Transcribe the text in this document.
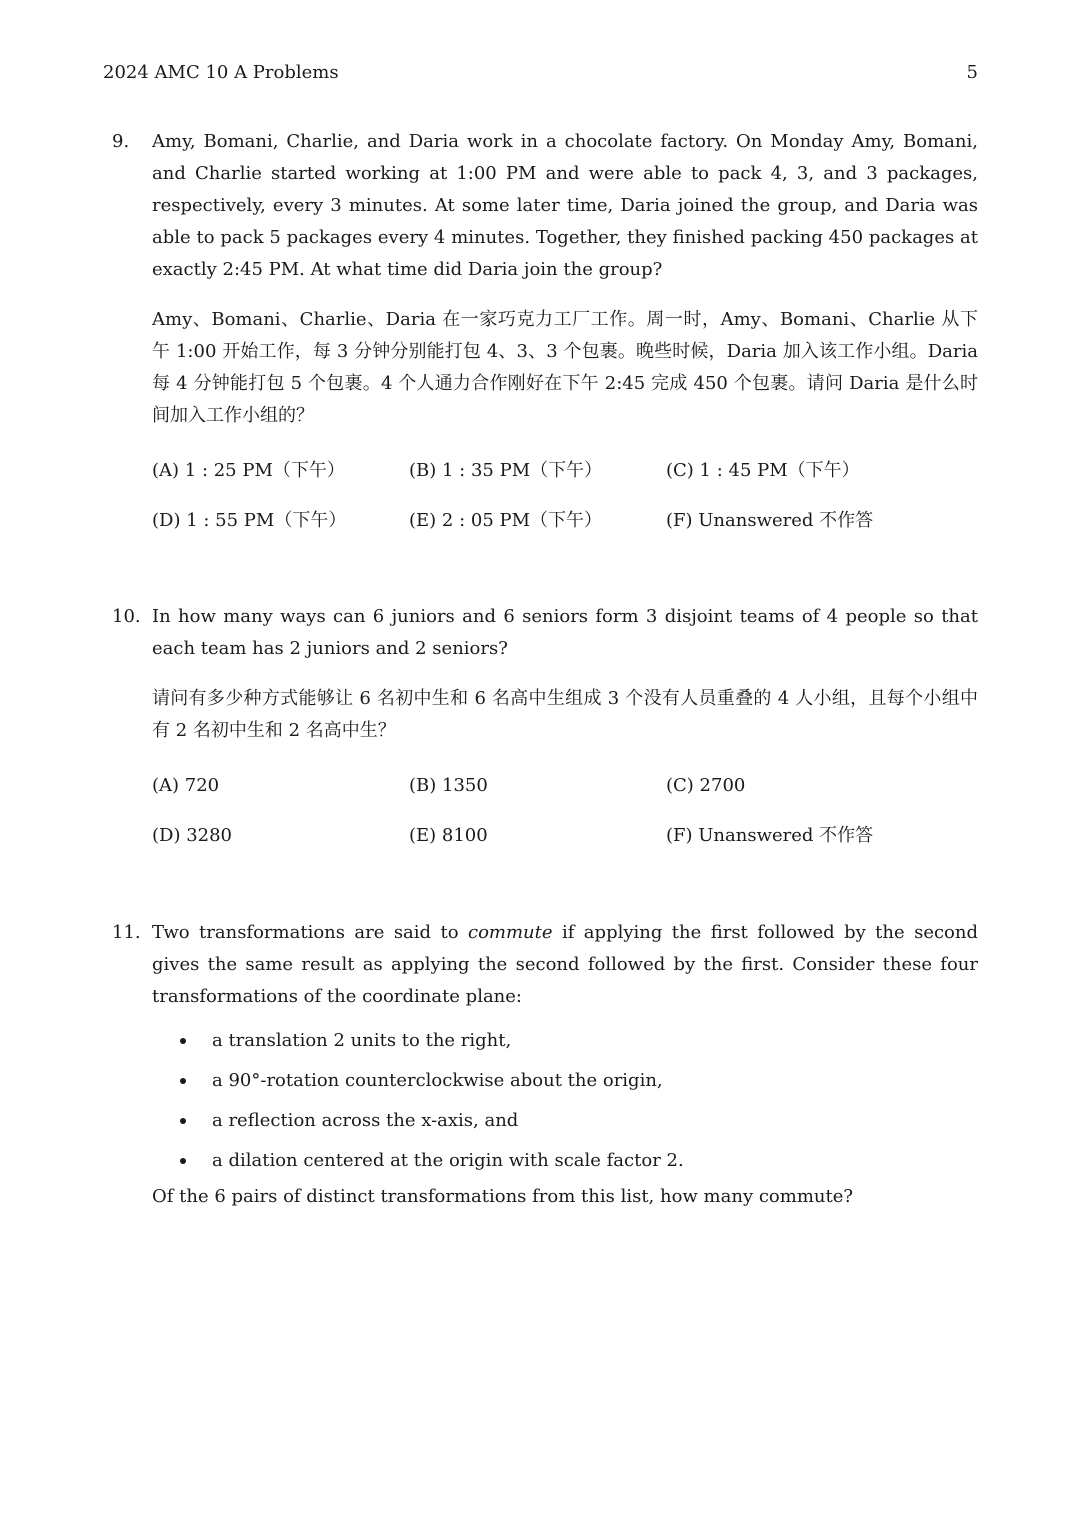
2024 AMC 10 A Problems	5
9. Amy, Bomani, Charlie, and Daria work in a chocolate factory. On Monday Amy, Bomani, and Charlie started working at 1:00 PM and were able to pack 4, 3, and 3 packages, respectively, every 3 minutes. At some later time, Daria joined the group, and Daria was able to pack 5 packages every 4 minutes. Together, they finished packing 450 packages at exactly 2:45 PM. At what time did Daria join the group?

Amy、Bomani、Charlie、Daria 在一家巧克力工厂工作。周一时，Amy、Bomani、Charlie 从下午 1:00 开始工作，每 3 分钟分别能打包 4、3、3 个包裹。晚些时候，Daria 加入该工作小组。Daria 每 4 分钟能打包 5 个包裹。4 个人通力合作刚好在下午 2:45 完成 450 个包裹。请问 Daria 是什么时间加入工作小组的？

(A) 1 : 25 PM（下午）	(B) 1 : 35 PM（下午）	(C) 1 : 45 PM（下午）
(D) 1 : 55 PM（下午）	(E) 2 : 05 PM（下午）	(F) Unanswered 不作答
10. In how many ways can 6 juniors and 6 seniors form 3 disjoint teams of 4 people so that each team has 2 juniors and 2 seniors?

请问有多少种方式能够让 6 名初中生和 6 名高中生组成 3 个没有人员重叠的 4 人小组，且每个小组中有 2 名初中生和 2 名高中生？

(A) 720	(B) 1350	(C) 2700
(D) 3280	(E) 8100	(F) Unanswered 不作答
11. Two transformations are said to commute if applying the first followed by the second gives the same result as applying the second followed by the first. Consider these four transformations of the coordinate plane:

a translation 2 units to the right,
a 90°-rotation counterclockwise about the origin,
a reflection across the x-axis, and
a dilation centered at the origin with scale factor 2.

Of the 6 pairs of distinct transformations from this list, how many commute?
